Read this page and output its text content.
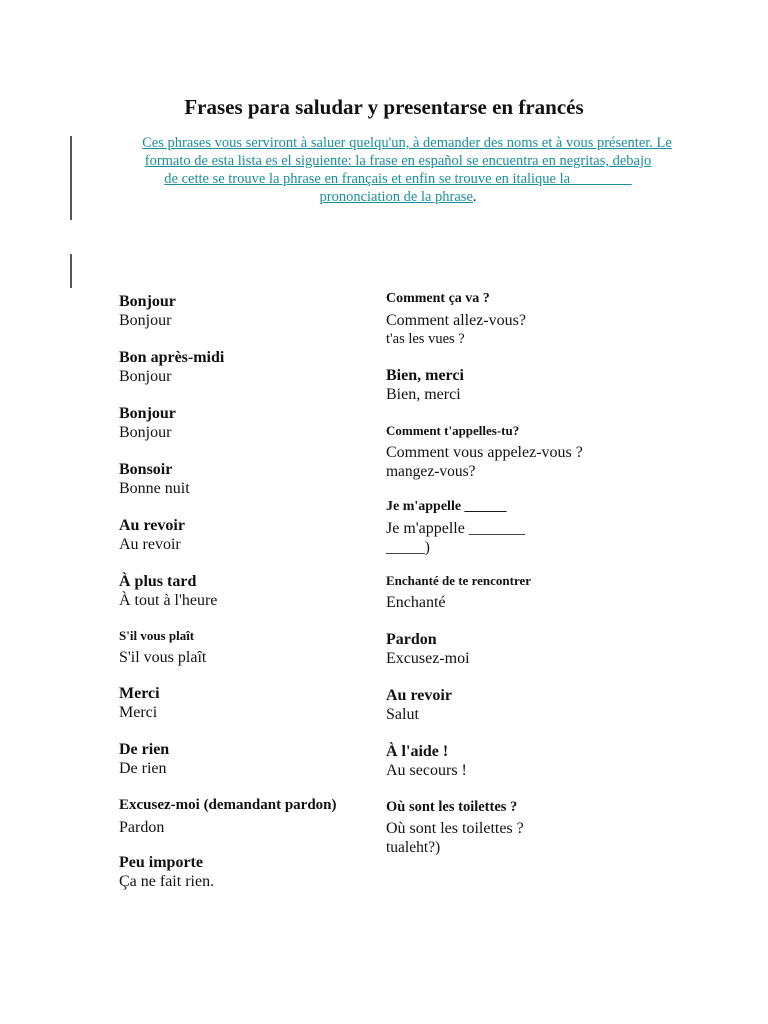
Frases para saludar y presentarse en francés
Ces phrases vous serviront à saluer quelqu'un, à demander des noms et à vous présenter. Le
formato de esta lista es el siguiente: la frase en español se encuentra en negritas, debajo
de cette se trouve la phrase en français et enfin se trouve en italique la
prononciation de la phrase.
Bonjour
Bonjour
Bon après-midi
Bonjour
Bonjour
Bonjour
Bonsoir
Bonne nuit
Au revoir
Au revoir
À plus tard
À tout à l'heure
S'il vous plaît
S'il vous plaît
Merci
Merci
De rien
De rien
Excusez-moi (demandant pardon)
Pardon
Peu importe
Ça ne fait rien.
Comment ça va ?
Comment allez-vous?
t'as les vues ?
Bien, merci
Bien, merci
Comment t'appelles-tu?
Comment vous appelez-vous ?
mangez-vous?
Je m'appelle ______
Je m'appelle _______
_____)
Enchanté de te rencontrer
Enchanté
Pardon
Excusez-moi
Au revoir
Salut
À l'aide !
Au secours !
Où sont les toilettes ?
Où sont les toilettes ?
tualeht?)
